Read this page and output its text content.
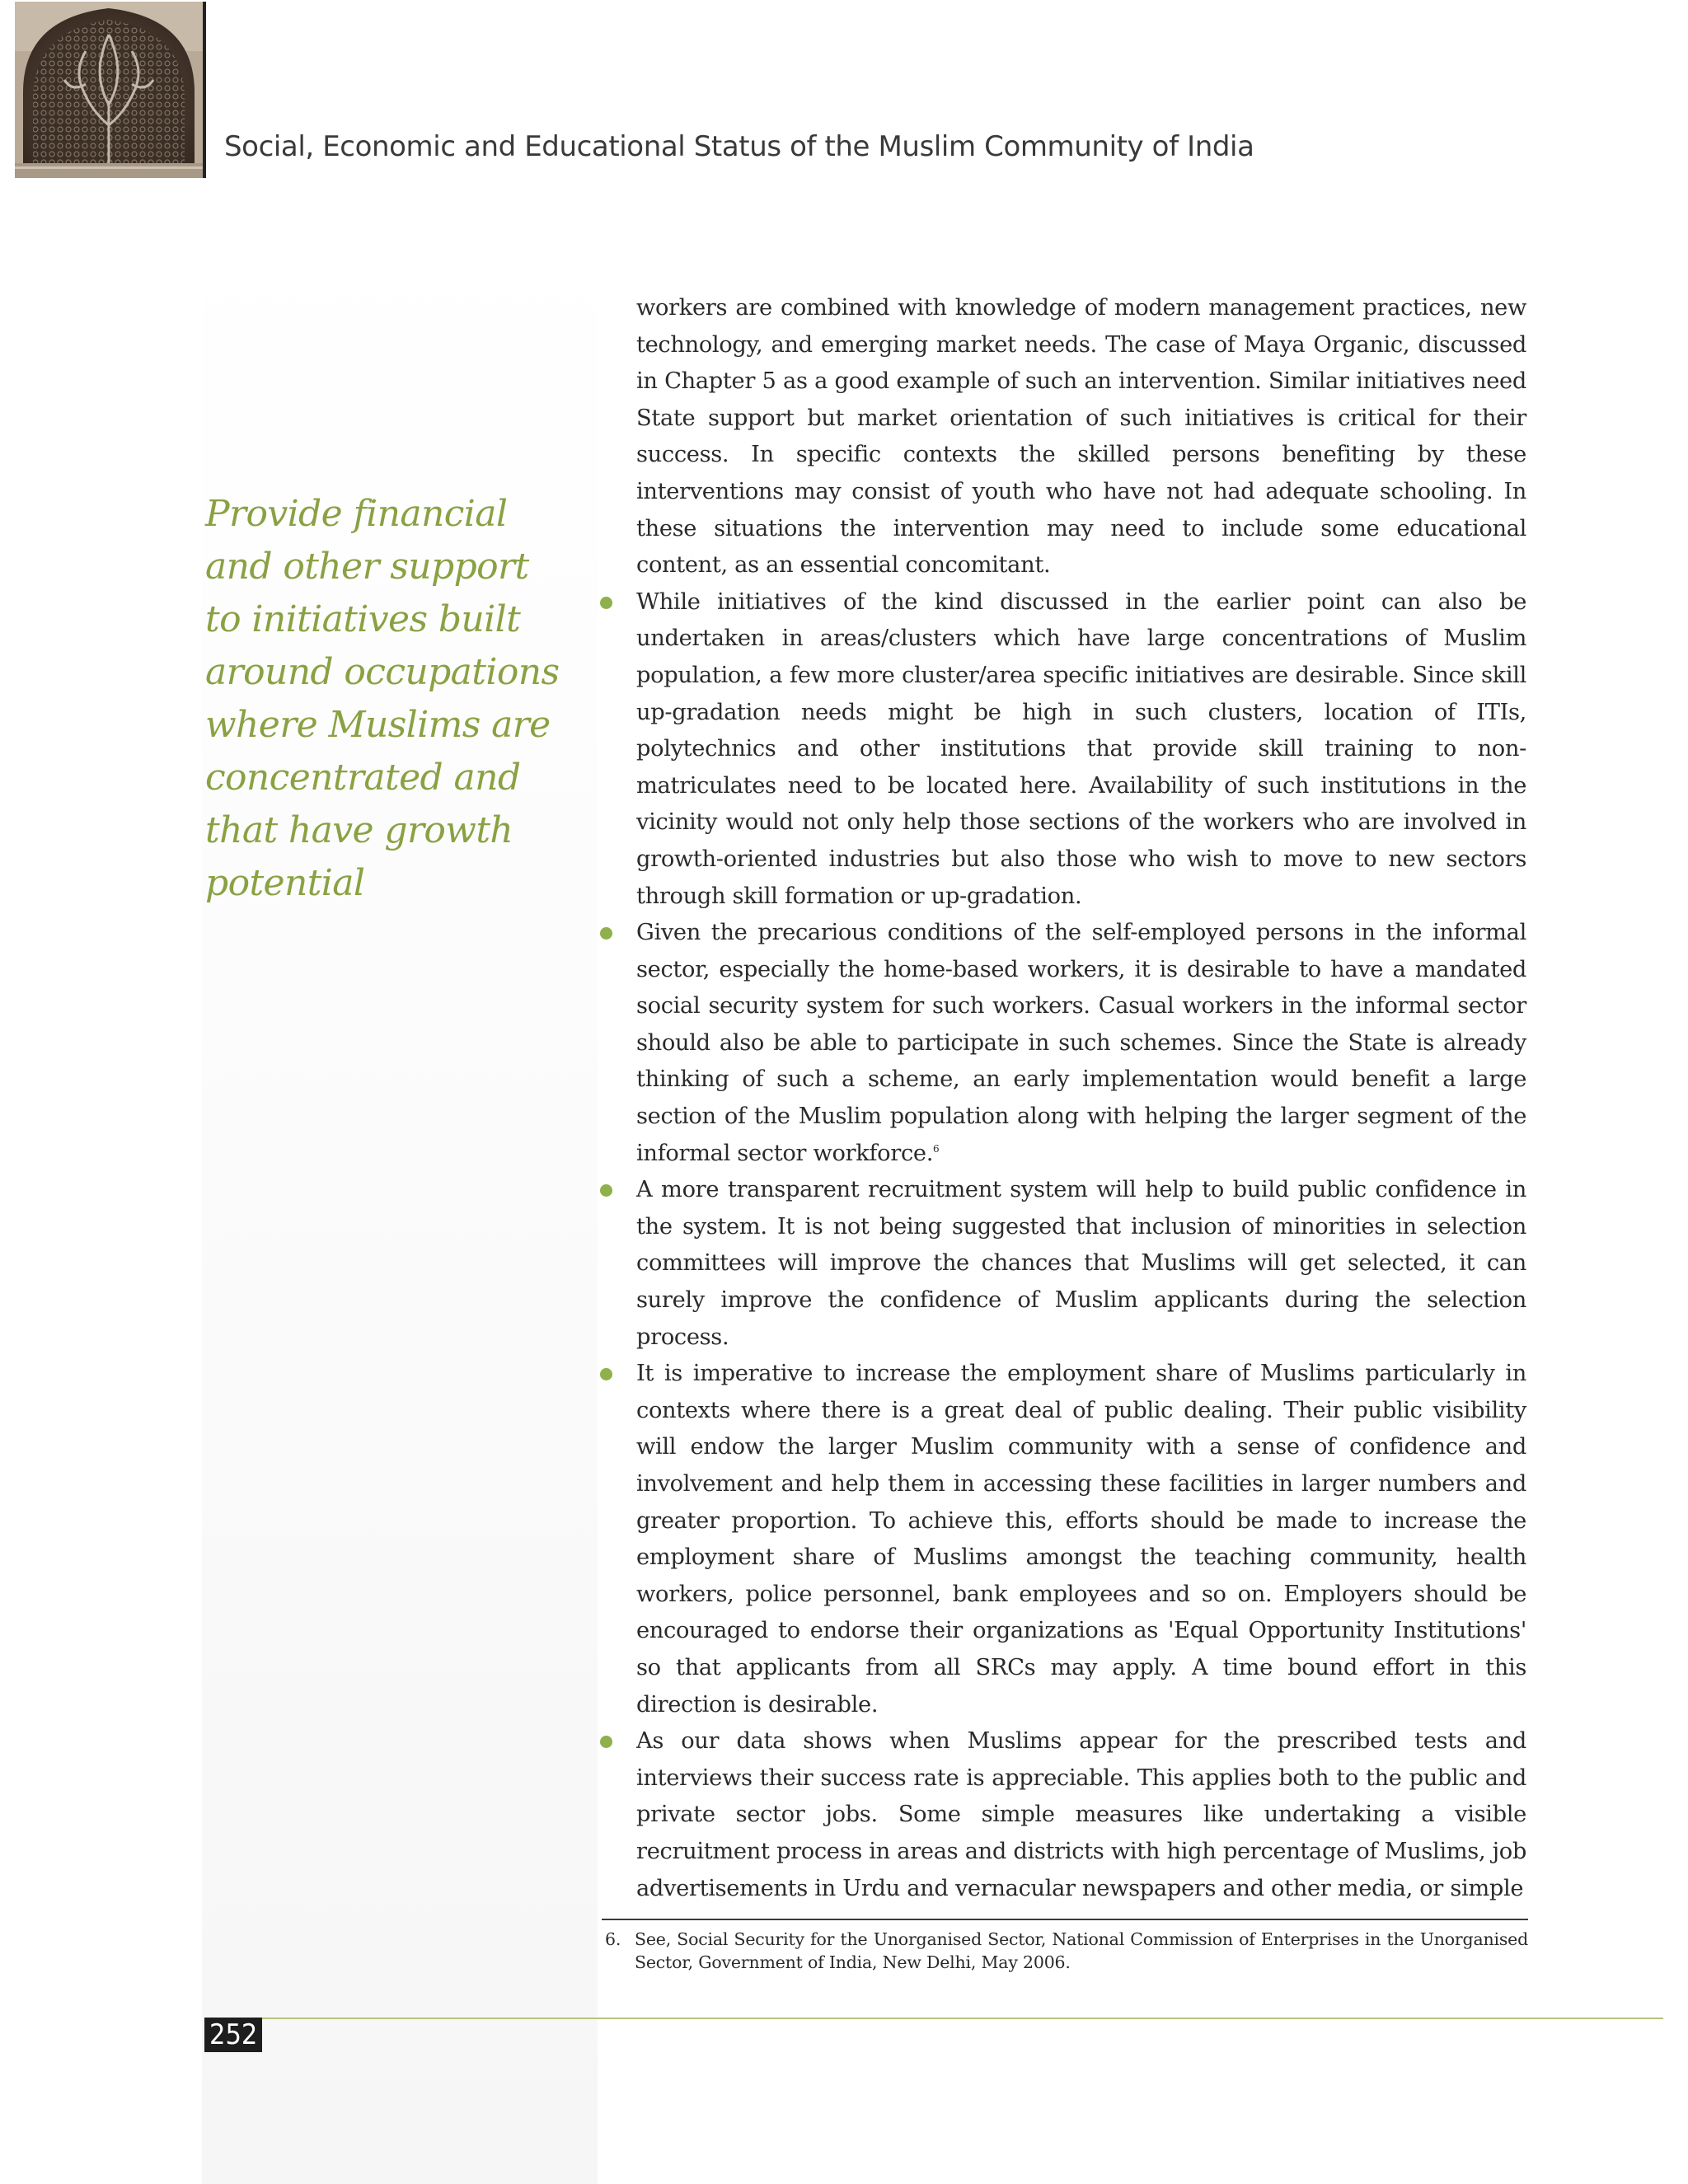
Social, Economic and Educational Status of the Muslim Community of India

Provide financial and other support to initiatives built around occupations where Muslims are concentrated and that have growth potential

workers are combined with knowledge of modern management practices, new technology, and emerging market needs. The case of Maya Organic, discussed in Chapter 5 as a good example of such an intervention. Similar initiatives need State support but market orientation of such initiatives is critical for their success. In specific contexts the skilled persons benefiting by these interventions may consist of youth who have not had adequate schooling. In these situations the intervention may need to include some educational content, as an essential concomitant.

While initiatives of the kind discussed in the earlier point can also be undertaken in areas/clusters which have large concentrations of Muslim population, a few more cluster/area specific initiatives are desirable. Since skill up-gradation needs might be high in such clusters, location of ITIs, polytechnics and other institutions that provide skill training to non-matriculates need to be located here. Availability of such institutions in the vicinity would not only help those sections of the workers who are involved in growth-oriented industries but also those who wish to move to new sectors through skill formation or up-gradation.
Given the precarious conditions of the self-employed persons in the informal sector, especially the home-based workers, it is desirable to have a mandated social security system for such workers. Casual workers in the informal sector should also be able to participate in such schemes. Since the State is already thinking of such a scheme, an early implementation would benefit a large section of the Muslim population along with helping the larger segment of the informal sector workforce.$^6$
A more transparent recruitment system will help to build public confidence in the system. It is not being suggested that inclusion of minorities in selection committees will improve the chances that Muslims will get selected, it can surely improve the confidence of Muslim applicants during the selection process.
It is imperative to increase the employment share of Muslims particularly in contexts where there is a great deal of public dealing. Their public visibility will endow the larger Muslim community with a sense of confidence and involvement and help them in accessing these facilities in larger numbers and greater proportion. To achieve this, efforts should be made to increase the employment share of Muslims amongst the teaching community, health workers, police personnel, bank employees and so on. Employers should be encouraged to endorse their organizations as 'Equal Opportunity Institutions' so that applicants from all SRCs may apply. A time bound effort in this direction is desirable.
As our data shows when Muslims appear for the prescribed tests and interviews their success rate is appreciable. This applies both to the public and private sector jobs. Some simple measures like undertaking a visible recruitment process in areas and districts with high percentage of Muslims, job advertisements in Urdu and vernacular newspapers and other media, or simple
6. See, Social Security for the Unorganised Sector, National Commission of Enterprises in the Unorganised Sector, Government of India, New Delhi, May 2006.
252
